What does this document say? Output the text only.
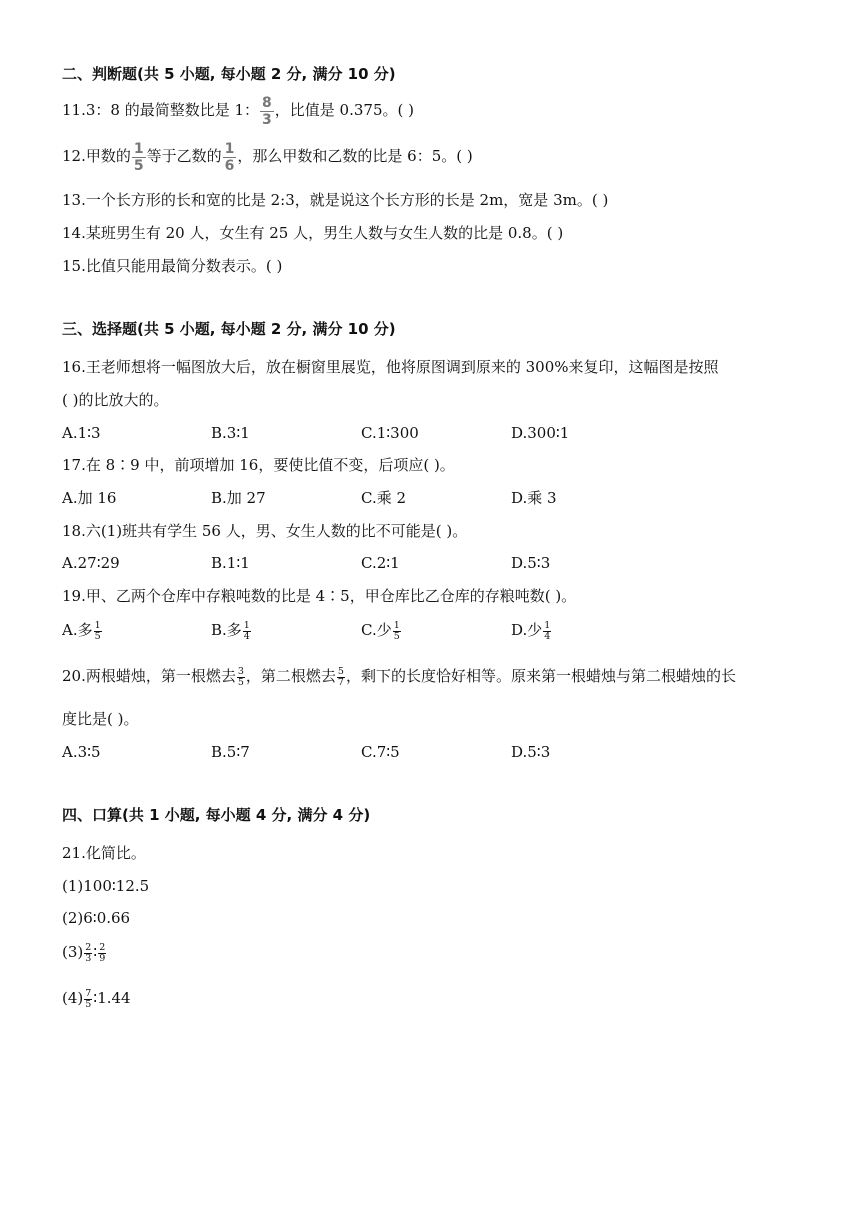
二、判断题(共 5 小题, 每小题 2 分, 满分 10 分)
11.3：8 的最简整数比是 1： $\frac{8}{3}$ ，比值是 0.375。( )
12.甲数的 $\frac{1}{5}$ 等于乙数的 $\frac{1}{6}$ ，那么甲数和乙数的比是 6：5。( )
13.一个长方形的长和宽的比是 2:3，就是说这个长方形的长是 2m，宽是 3m。( )
14.某班男生有 20 人，女生有 25 人，男生人数与女生人数的比是 0.8。( )
15.比值只能用最简分数表示。( )
三、选择题(共 5 小题, 每小题 2 分, 满分 10 分)
16.王老师想将一幅图放大后，放在橱窗里展览，他将原图调到原来的 300%来复印，这幅图是按照
( )的比放大的。
A.1∶3	B.3∶1	C.1∶300	D.300∶1
17.在 8∶9 中，前项增加 16，要使比值不变，后项应( )。
A.加 16	B.加 27	C.乘 2	D.乘 3
18.六(1)班共有学生 56 人，男、女生人数的比不可能是( )。
A.27∶29	B.1∶1	C.2∶1	D.5∶3
19.甲、乙两个仓库中存粮吨数的比是 4∶5，甲仓库比乙仓库的存粮吨数( )。
A.多 $\frac{1}{5}$	B.多 $\frac{1}{4}$	C.少 $\frac{1}{5}$	D.少 $\frac{1}{4}$
20.两根蜡烛，第一根燃去 $\frac{3}{5}$ ，第二根燃去 $\frac{5}{7}$ ，剩下的长度恰好相等。原来第一根蜡烛与第二根蜡烛的长
度比是( )。
A.3∶5	B.5∶7	C.7∶5	D.5∶3
四、口算(共 1 小题, 每小题 4 分, 满分 4 分)
21.化简比。
(1)100∶12.5
(2)6∶0.66
$(3) \frac{2}{3}$ ∶ $\frac{2}{9}$
$(4) \frac{7}{5}$ ∶1.44
